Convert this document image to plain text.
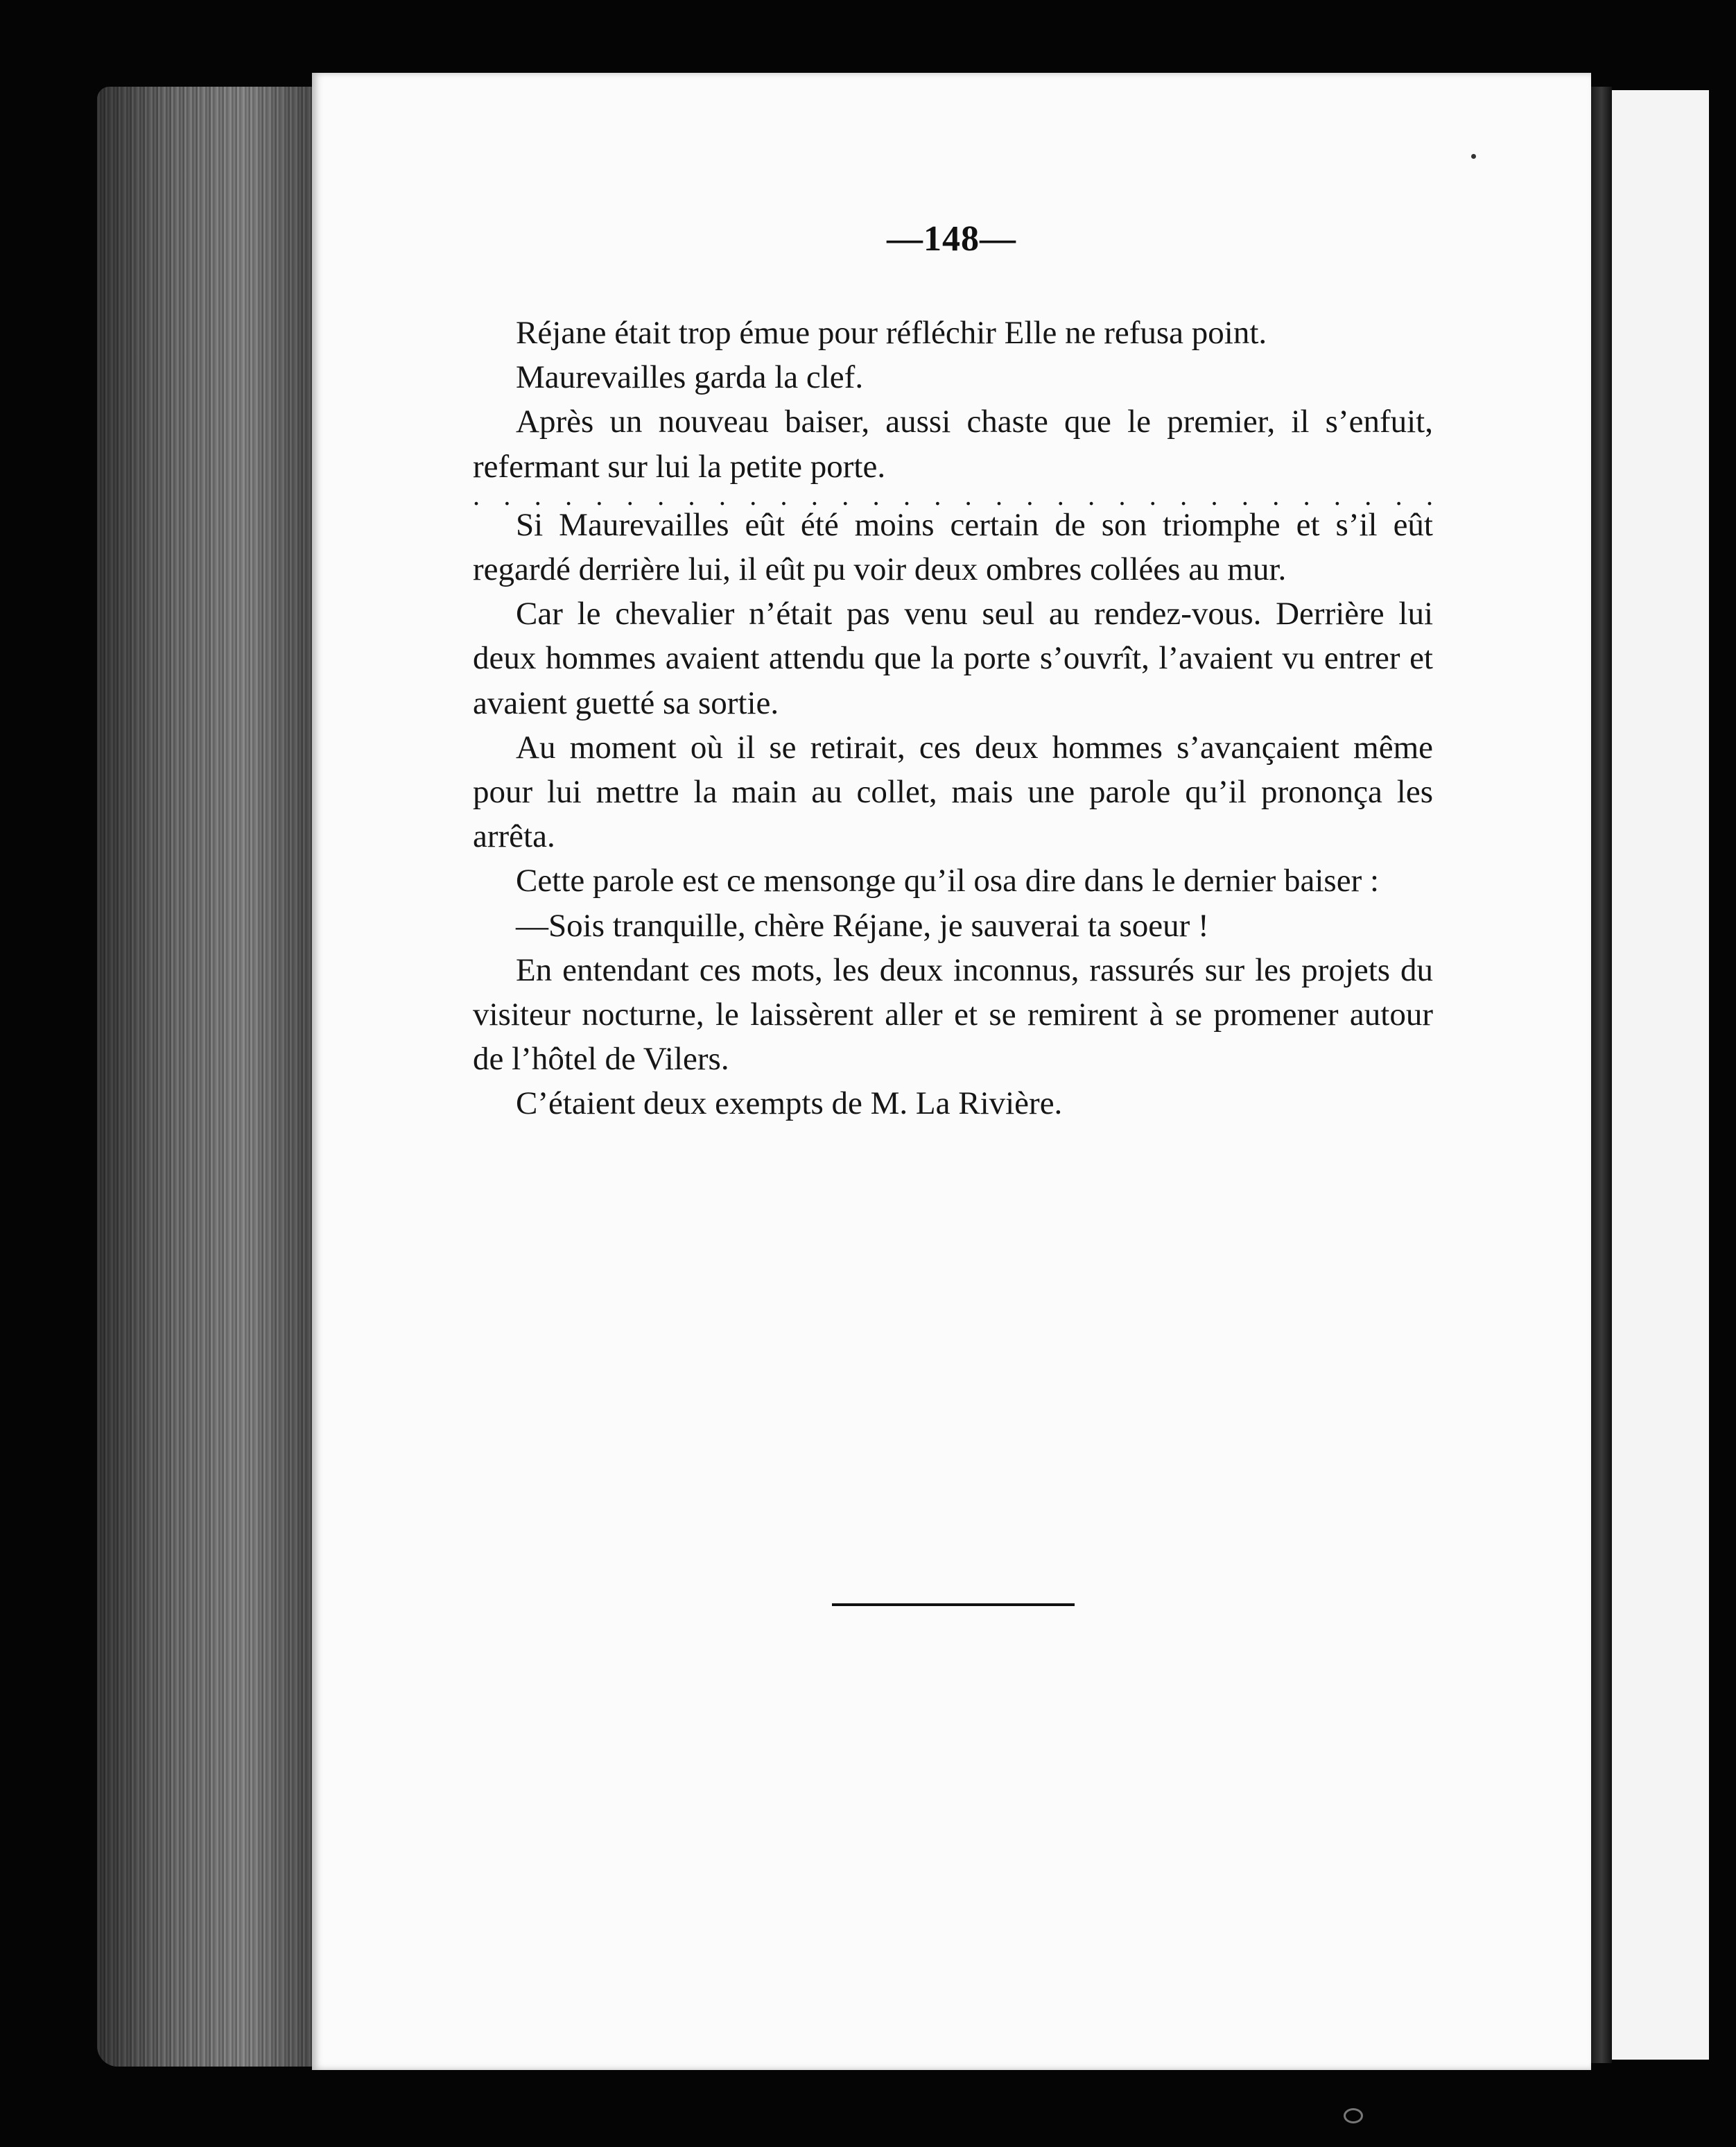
—148—

Réjane était trop émue pour réfléchir Elle ne refusa point.

Maurevailles garda la clef.

Après un nouveau baiser, aussi chaste que le premier, il s’enfuit, refermant sur lui la petite porte.

. . . . . . . . . . . . . . . . . . . . . . . . . . . . . . . .

Si Maurevailles eût été moins certain de son triomphe et s’il eût regardé derrière lui, il eût pu voir deux ombres collées au mur.

Car le chevalier n’était pas venu seul au rendez-vous. Derrière lui deux hommes avaient attendu que la porte s’ouvrît, l’avaient vu entrer et avaient guetté sa sortie.

Au moment où il se retirait, ces deux hommes s’avançaient même pour lui mettre la main au collet, mais une parole qu’il prononça les arrêta.

Cette parole est ce mensonge qu’il osa dire dans le dernier baiser :

—Sois tranquille, chère Réjane, je sauverai ta soeur !

En entendant ces mots, les deux inconnus, rassurés sur les projets du visiteur nocturne, le laissèrent aller et se remirent à se promener autour de l’hôtel de Vilers.

C’étaient deux exempts de M. La Rivière.
